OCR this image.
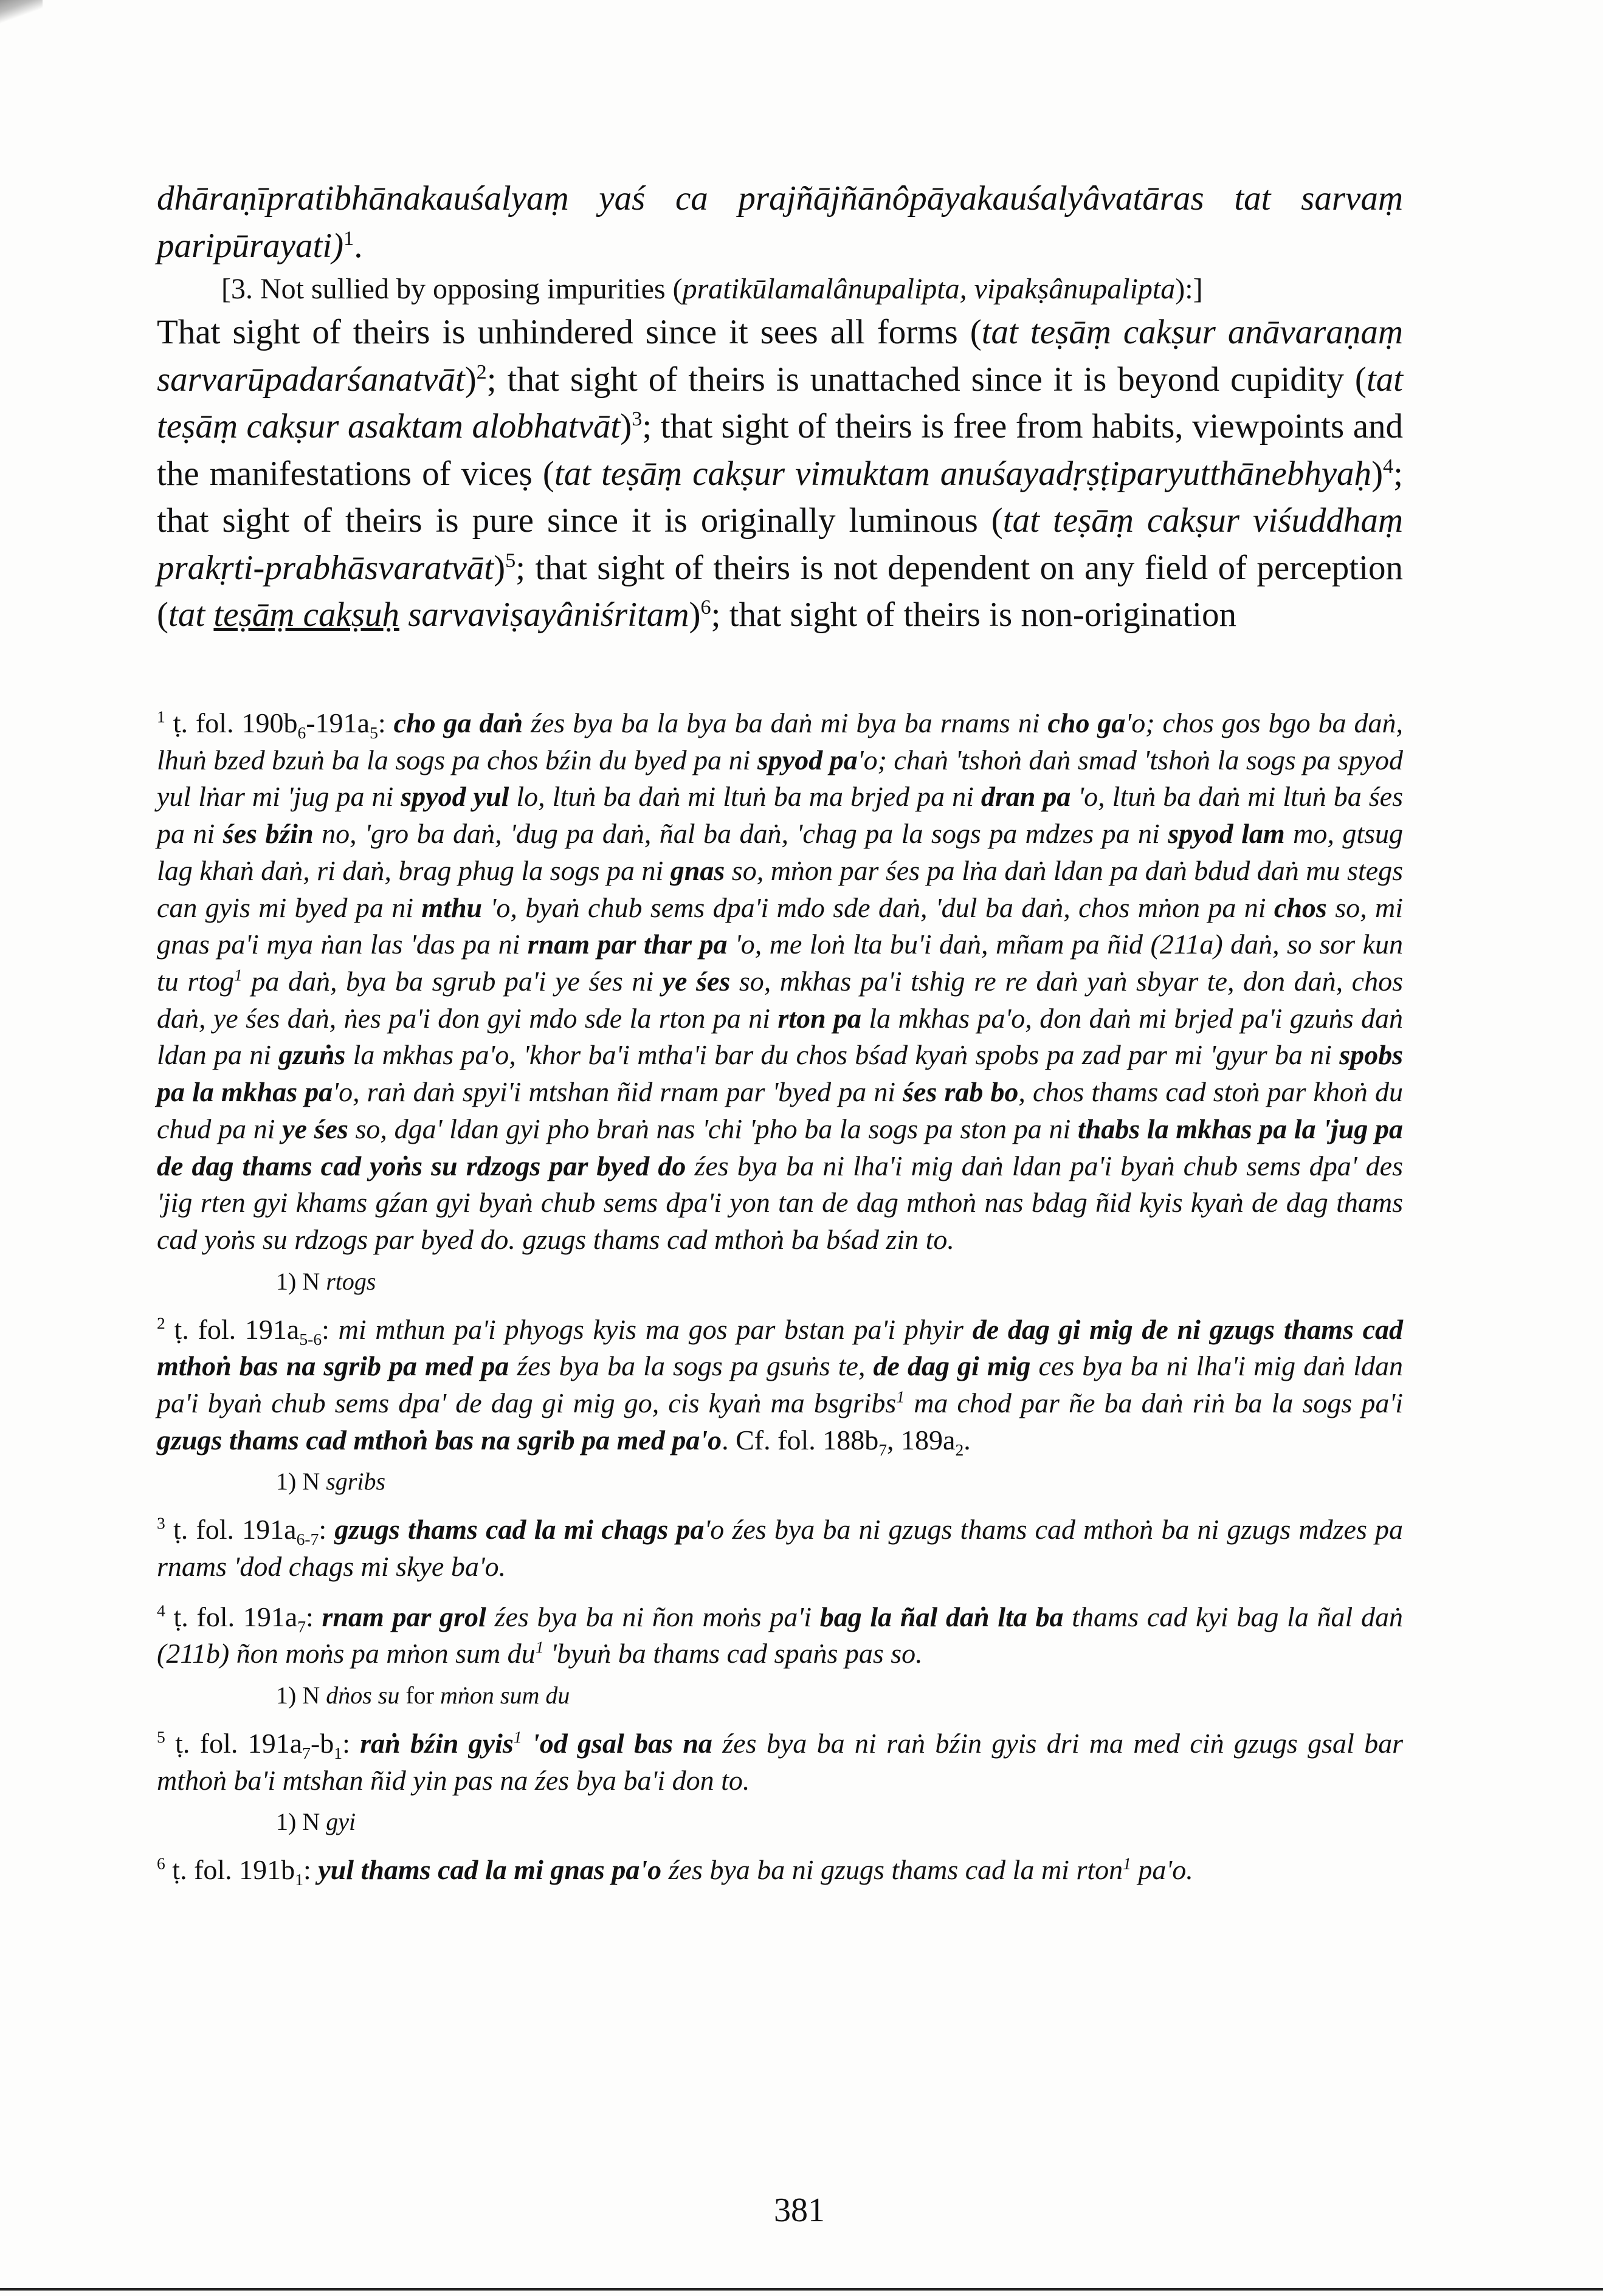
dhāraṇīpratibhānakauśalyaṃ yaś ca prajñājñānôpāyakauśalyâvatāras tat sarvaṃ paripūrayati)$^1$.

[3. Not sullied by opposing impurities (pratikūlamalânupalipta, vipakṣânupalipta):]

That sight of theirs is unhindered since it sees all forms (tat teṣāṃ cakṣur anāvaraṇaṃ sarvarūpadarśanatvāt)$^2$; that sight of theirs is unattached since it is beyond cupidity (tat teṣāṃ cakṣur asaktam alobhatvāt)$^3$; that sight of theirs is free from habits, viewpoints and the manifestations of viceṣ (tat teṣāṃ cakṣur vimuktam anuśayadṛṣṭiparyutthānebhyaḥ)$^4$; that sight of theirs is pure since it is originally luminous (tat teṣāṃ cakṣur viśuddhaṃ prakṛti-prabhāsvaratvāt)$^5$; that sight of theirs is not dependent on any field of perception (tat teṣāṃ cakṣuḥ sarvaviṣayâniśritam)$^6$; that sight of theirs is non-origination

$^1$ ṭ. fol. $190b_6-191a_5$: cho ga daṅ źes bya ba la bya ba daṅ mi bya ba rnams ni cho ga'o; chos gos bgo ba daṅ, lhuṅ bzed bzuṅ ba la sogs pa chos bźin du byed pa ni spyod pa'o; chaṅ 'tshoṅ daṅ smad 'tshoṅ la sogs pa spyod yul lṅar mi 'jug pa ni spyod yul lo, ltuṅ ba daṅ mi ltuṅ ba ma brjed pa ni dran pa 'o, ltuṅ ba daṅ mi ltuṅ ba śes pa ni śes bźin no, 'gro ba daṅ, 'dug pa daṅ, ñal ba daṅ, 'chag pa la sogs pa mdzes pa ni spyod lam mo, gtsug lag khaṅ daṅ, ri daṅ, brag phug la sogs pa ni gnas so, mṅon par śes pa lṅa daṅ ldan pa daṅ bdud daṅ mu stegs can gyis mi byed pa ni mthu 'o, byaṅ chub sems dpa'i mdo sde daṅ, 'dul ba daṅ, chos mṅon pa ni chos so, mi gnas pa'i mya ṅan las 'das pa ni rnam par thar pa 'o, me loṅ lta bu'i daṅ, mñam pa ñid (211a) daṅ, so sor kun tu rtog$^1$ pa daṅ, bya ba sgrub pa'i ye śes ni ye śes so, mkhas pa'i tshig re re daṅ yaṅ sbyar te, don daṅ, chos daṅ, ye śes daṅ, ṅes pa'i don gyi mdo sde la rton pa ni rton pa la mkhas pa'o, don daṅ mi brjed pa'i gzuṅs daṅ ldan pa ni gzuṅs la mkhas pa'o, 'khor ba'i mtha'i bar du chos bśad kyaṅ spobs pa zad par mi 'gyur ba ni spobs pa la mkhas pa'o, raṅ daṅ spyi'i mtshan ñid rnam par 'byed pa ni śes rab bo, chos thams cad stoṅ par khoṅ du chud pa ni ye śes so, dga' ldan gyi pho braṅ nas 'chi 'pho ba la sogs pa ston pa ni thabs la mkhas pa la 'jug pa de dag thams cad yoṅs su rdzogs par byed do źes bya ba ni lha'i mig daṅ ldan pa'i byaṅ chub sems dpa' des 'jig rten gyi khams gźan gyi byaṅ chub sems dpa'i yon tan de dag mthoṅ nas bdag ñid kyis kyaṅ de dag thams cad yoṅs su rdzogs par byed do. gzugs thams cad mthoṅ ba bśad zin to.

1) N rtogs

$^2$ ṭ. fol. $191a_{5-6}$: mi mthun pa'i phyogs kyis ma gos par bstan pa'i phyir de dag gi mig de ni gzugs thams cad mthoṅ bas na sgrib pa med pa źes bya ba la sogs pa gsuṅs te, de dag gi mig ces bya ba ni lha'i mig daṅ ldan pa'i byaṅ chub sems dpa' de dag gi mig go, cis kyaṅ ma bsgribs$^1$ ma chod par ñe ba daṅ riṅ ba la sogs pa'i gzugs thams cad mthoṅ bas na sgrib pa med pa'o. Cf. fol. $188b_7$, $189a_2$.

1) N sgribs

$^3$ ṭ. fol. $191a_{6-7}$: gzugs thams cad la mi chags pa'o źes bya ba ni gzugs thams cad mthoṅ ba ni gzugs mdzes pa rnams 'dod chags mi skye ba'o.

$^4$ ṭ. fol. $191a_7$: rnam par grol źes bya ba ni ñon moṅs pa'i bag la ñal daṅ lta ba thams cad kyi bag la ñal daṅ (211b) ñon moṅs pa mṅon sum du$^1$ 'byuṅ ba thams cad spaṅs pas so.

1) N dṅos su for mṅon sum du

$^5$ ṭ. fol. $191a_7-b_1$: raṅ bźin gyis$^1$ 'od gsal bas na źes bya ba ni raṅ bźin gyis dri ma med ciṅ gzugs gsal bar mthoṅ ba'i mtshan ñid yin pas na źes bya ba'i don to.

1) N gyi

$^6$ ṭ. fol. $191b_1$: yul thams cad la mi gnas pa'o źes bya ba ni gzugs thams cad la mi rton$^1$ pa'o.

381
